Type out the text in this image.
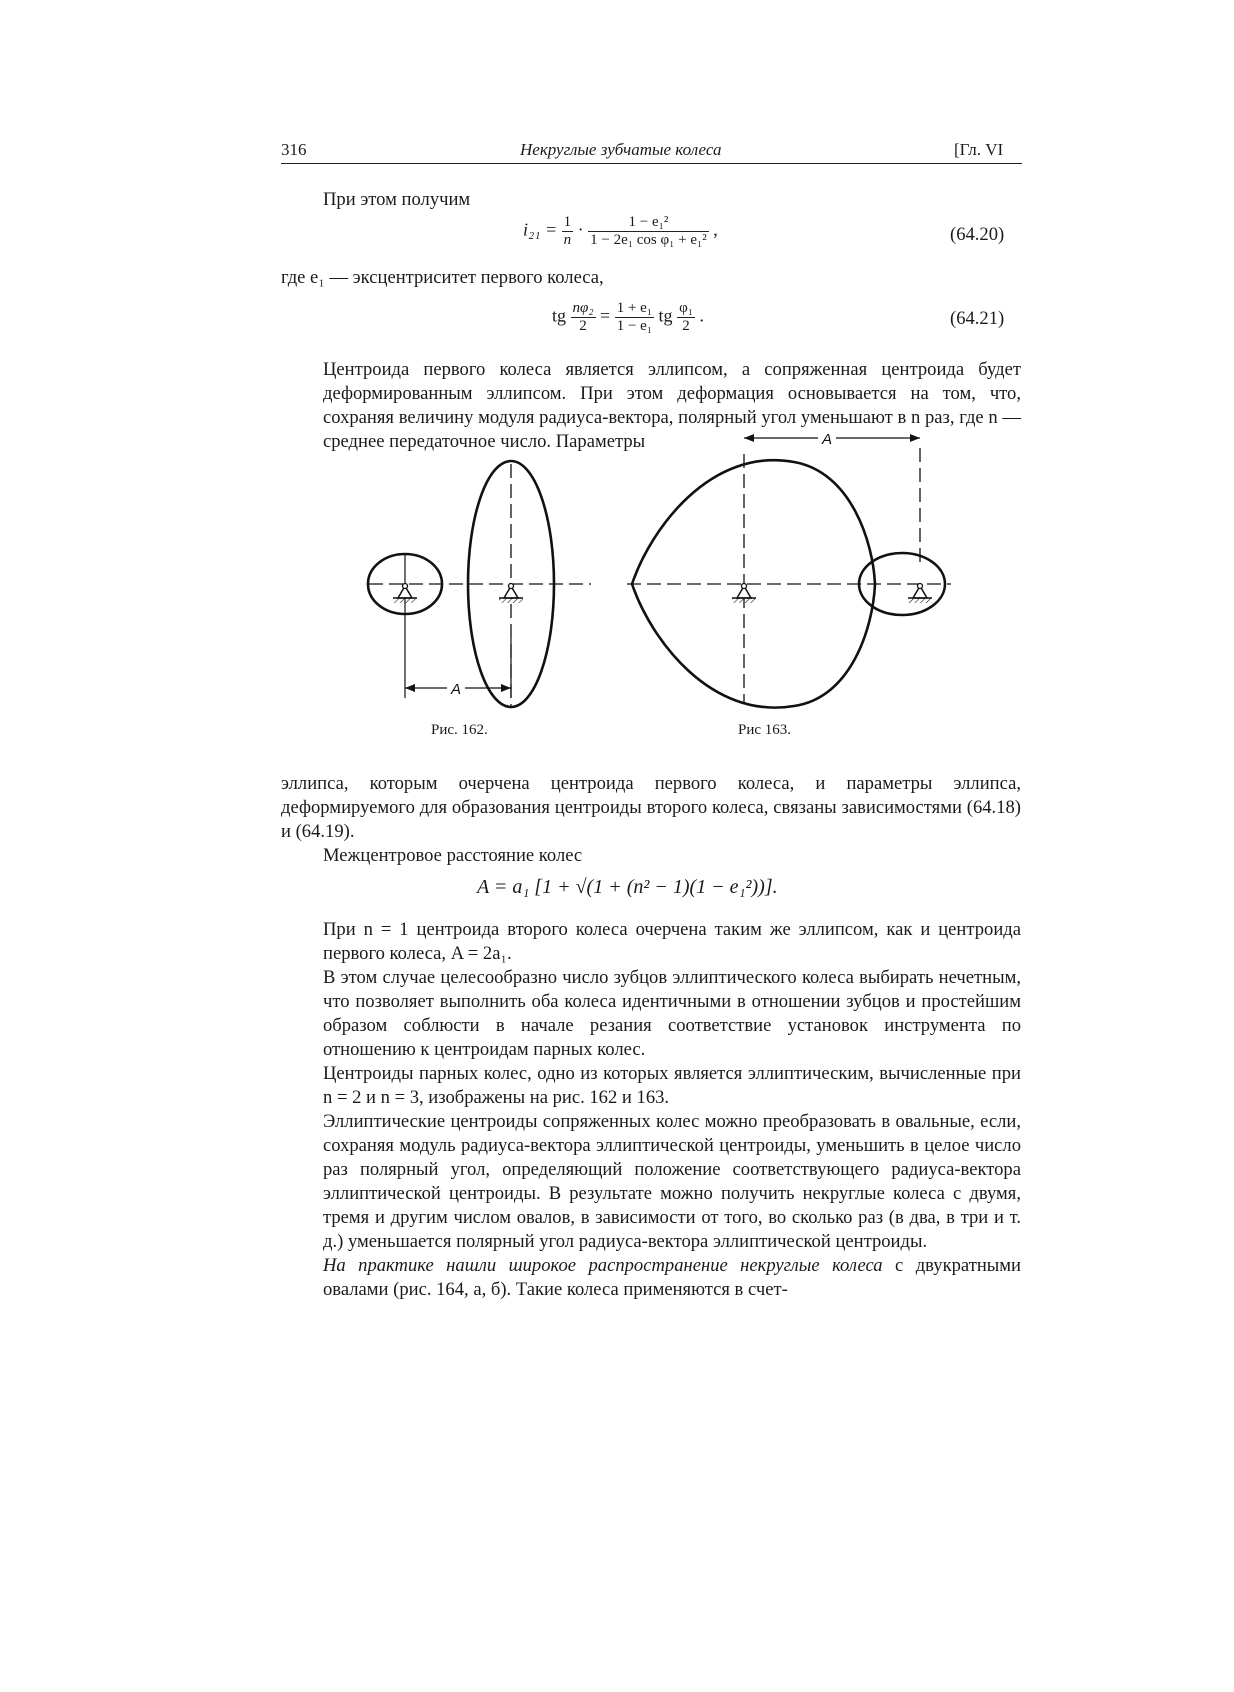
316	Некруглые зубчатые колеса	[Гл. VI
При этом получим
$i_{21} = \frac{1}{n} \cdot \frac{\text{1 − e₁²}}{\text{1 − 2e₁ cos φ₁ + e₁²}}$ ,	(64.20)
где e₁ — эксцентриситет первого колеса,
tg $\frac{\text{nφ₂}}{2} = \frac{\text{1 + e₁}}{\text{1 − e₁}}$ tg $\frac{\text{φ₁}}{2}$ .	(64.21)

Центроида первого колеса является эллипсом, а сопряженная центроида будет деформированным эллипсом. При этом деформация основывается на том, что, сохраняя величину модуля радиуса-вектора, полярный угол уменьшают в n раз, где n — среднее передаточное число. Параметры

A
A
Рис. 162.	Рис 163.

эллипса, которым очерчена центроида первого колеса, и параметры эллипса, деформируемого для образования центроиды второго колеса, связаны зависимостями (64.18) и (64.19).

Межцентровое расстояние колес
A = a₁ [1 + √(1 + (n² − 1)(1 − e₁²))].

При n = 1 центроида второго колеса очерчена таким же эллипсом, как и центроида первого колеса, A = 2a₁.

В этом случае целесообразно число зубцов эллиптического колеса выбирать нечетным, что позволяет выполнить оба колеса идентичными в отношении зубцов и простейшим образом соблюсти в начале резания соответствие установок инструмента по отношению к центроидам парных колес.

Центроиды парных колес, одно из которых является эллиптическим, вычисленные при n = 2 и n = 3, изображены на рис. 162 и 163.

Эллиптические центроиды сопряженных колес можно преобразовать в овальные, если, сохраняя модуль радиуса-вектора эллиптической центроиды, уменьшить в целое число раз полярный угол, определяющий положение соответствующего радиуса-вектора эллиптической центроиды. В результате можно получить некруглые колеса с двумя, тремя и другим числом овалов, в зависимости от того, во сколько раз (в два, в три и т. д.) уменьшается полярный угол радиуса-вектора эллиптической центроиды.

На практике нашли широкое распространение некруглые колеса с двукратными овалами (рис. 164, а, б). Такие колеса применяются в счет-
